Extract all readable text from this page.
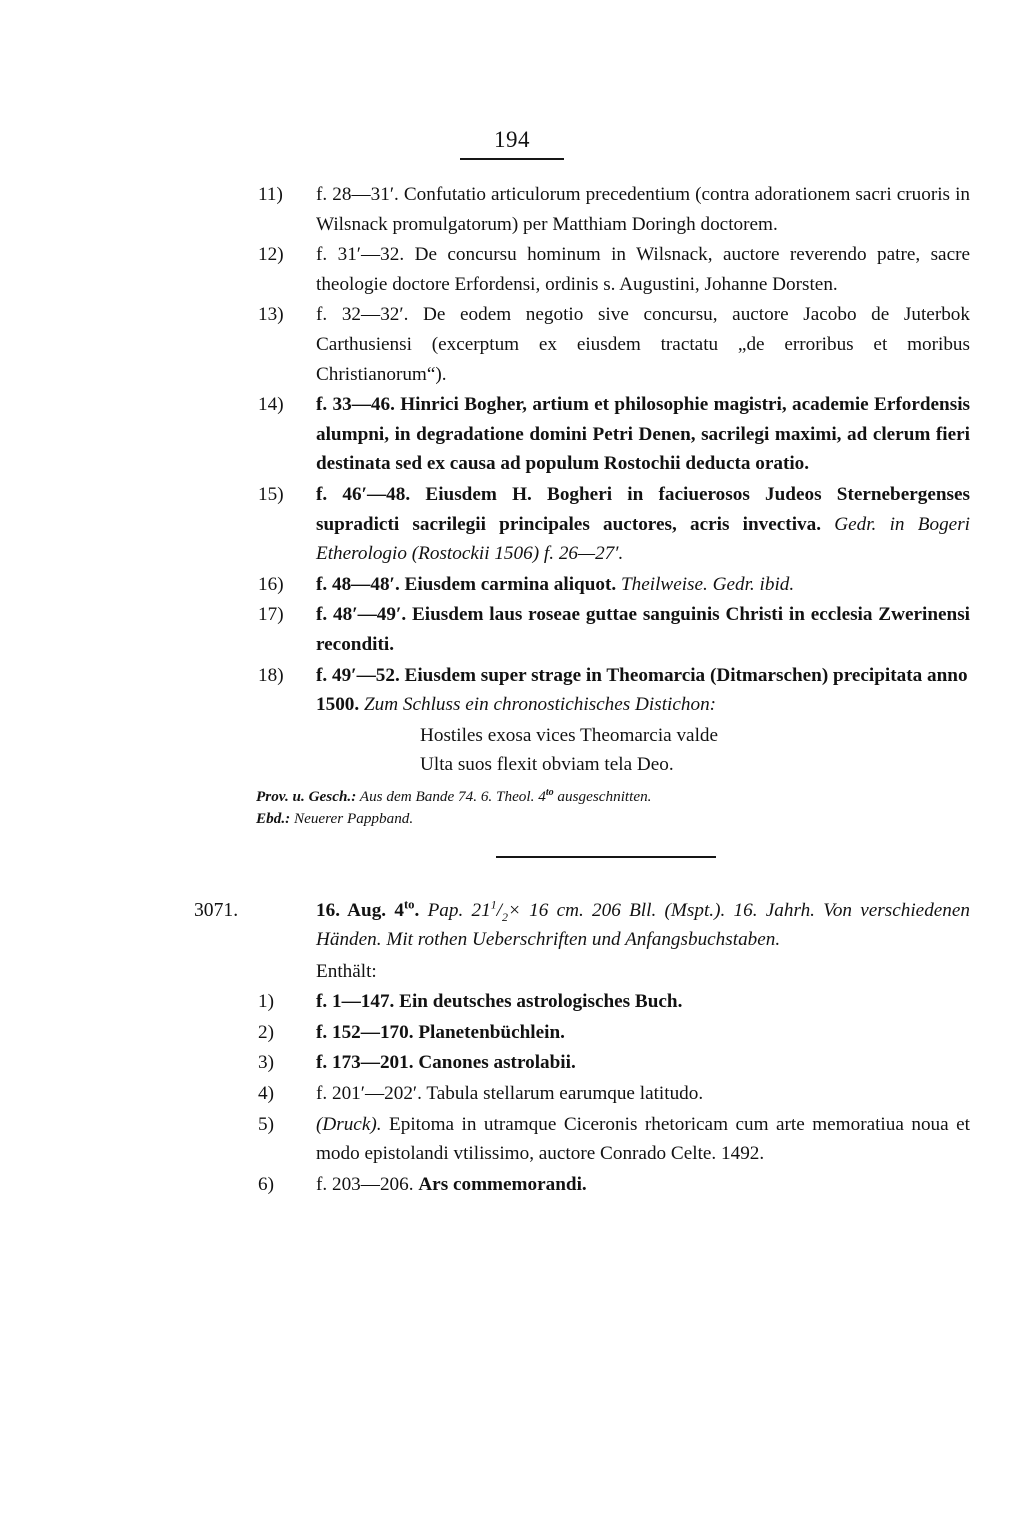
194
11)	f. 28—31′. Confutatio articulorum precedentium (contra adorationem sacri cruoris in Wilsnack promulgatorum) per Matthiam Doringh doctorem.
12)	f. 31′—32. De concursu hominum in Wilsnack, auctore reverendo patre, sacre theologie doctore Erfordensi, ordinis s. Augustini, Johanne Dorsten.
13)	f. 32—32′. De eodem negotio sive concursu, auctore Jacobo de Juterbok Carthusiensi (excerptum ex eiusdem tractatu „de erroribus et moribus Christianorum“).
14)	f. 33—46. Hinrici Bogher, artium et philosophie magistri, academie Erfordensis alumpni, in degradatione domini Petri Denen, sacrilegi maximi, ad clerum fieri destinata sed ex causa ad populum Rostochii deducta oratio.
15)	f. 46′—48. Eiusdem H. Bogheri in faciuerosos Judeos Sternebergenses supradicti sacrilegii principales auctores, acris invectiva. Gedr. in Bogeri Etherologio (Rostockii 1506) f. 26—27′.
16)	f. 48—48′. Eiusdem carmina aliquot. Theilweise. Gedr. ibid.
17)	f. 48′—49′. Eiusdem laus roseae guttae sanguinis Christi in ecclesia Zwerinensi reconditi.
18)	f. 49′—52. Eiusdem super strage in Theomarcia (Ditmarschen) precipitata anno 1500. Zum Schluss ein chronostichisches Distichon:
Hostiles exosa vices Theomarcia valde
Ulta suos flexit obviam tela Deo.
Prov. u. Gesch.: Aus dem Bande 74. 6. Theol. $4^{to}$ ausgeschnitten.
Ebd.: Neuerer Pappband.
3071.	16. Aug. $4^{to}$. Pap. $21^1/_2\times 16$ cm. 206 Bll. (Mspt.). 16. Jahrh. Von verschiedenen Händen. Mit rothen Ueberschriften und Anfangsbuchstaben.
Enthält:
1)	f. 1—147. Ein deutsches astrologisches Buch.
2)	f. 152—170. Planetenbüchlein.
3)	f. 173—201. Canones astrolabii.
4)	f. 201′—202′. Tabula stellarum earumque latitudo.
5)	(Druck). Epitoma in utramque Ciceronis rhetoricam cum arte memoratiua noua et modo epistolandi vtilissimo, auctore Conrado Celte. 1492.
6)	f. 203—206. Ars commemorandi.
